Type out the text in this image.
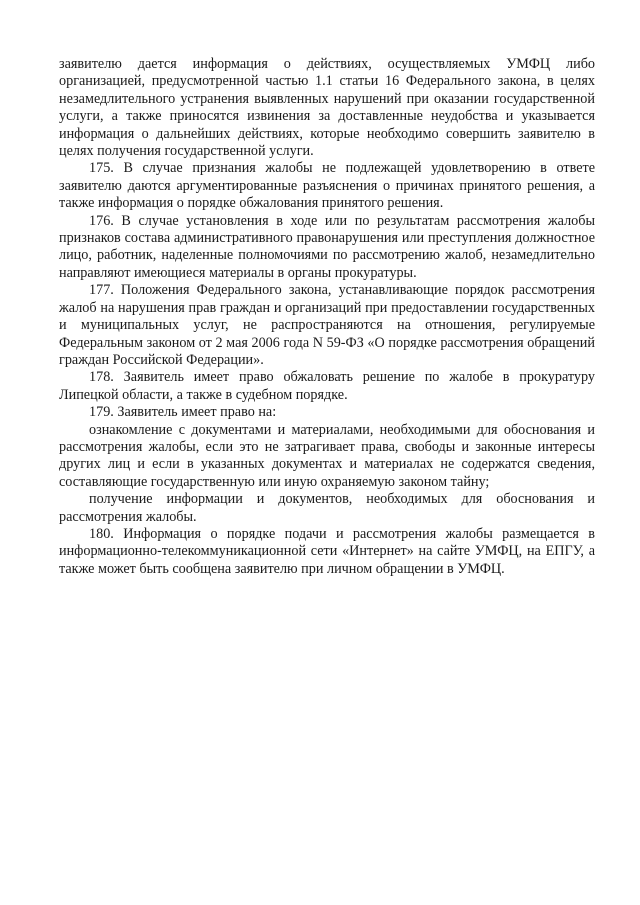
заявителю дается информация о действиях, осуществляемых УМФЦ либо организацией, предусмотренной частью 1.1 статьи 16 Федерального закона, в целях незамедлительного устранения выявленных нарушений при оказании государственной услуги, а также приносятся извинения за доставленные неудобства и указывается информация о дальнейших действиях, которые необходимо совершить заявителю в целях получения государственной услуги.

175. В случае признания жалобы не подлежащей удовлетворению в ответе заявителю даются аргументированные разъяснения о причинах принятого решения, а также информация о порядке обжалования принятого решения.

176. В случае установления в ходе или по результатам рассмотрения жалобы признаков состава административного правонарушения или преступления должностное лицо, работник, наделенные полномочиями по рассмотрению жалоб, незамедлительно направляют имеющиеся материалы в органы прокуратуры.

177. Положения Федерального закона, устанавливающие порядок рассмотрения жалоб на нарушения прав граждан и организаций при предоставлении государственных и муниципальных услуг, не распространяются на отношения, регулируемые Федеральным законом от 2 мая 2006 года N 59-ФЗ «О порядке рассмотрения обращений граждан Российской Федерации».

178. Заявитель имеет право обжаловать решение по жалобе в прокуратуру Липецкой области, а также в судебном порядке.

179. Заявитель имеет право на:

ознакомление с документами и материалами, необходимыми для обоснования и рассмотрения жалобы, если это не затрагивает права, свободы и законные интересы других лиц и если в указанных документах и материалах не содержатся сведения, составляющие государственную или иную охраняемую законом тайну;

получение информации и документов, необходимых для обоснования и рассмотрения жалобы.

180. Информация о порядке подачи и рассмотрения жалобы размещается в информационно-телекоммуникационной сети «Интернет» на сайте УМФЦ, на ЕПГУ, а также может быть сообщена заявителю при личном обращении в УМФЦ.
